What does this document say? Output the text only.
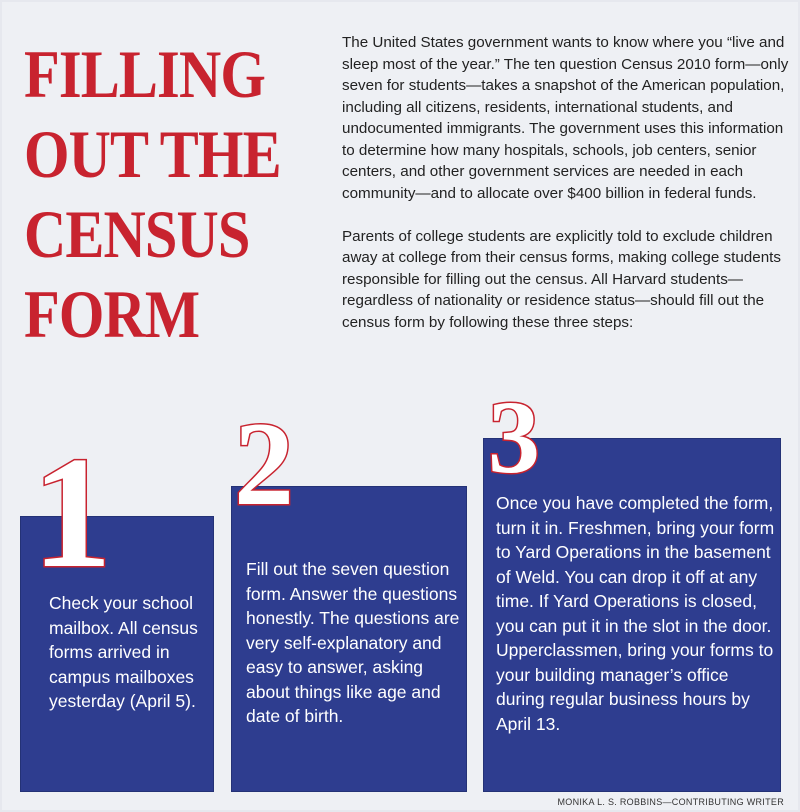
FILLING
OUT THE
CENSUS
FORM

The United States government wants to know where you “live and sleep most of the year.” The ten question Census 2010 form—only seven for students—takes a snapshot of the American population, including all citizens, residents, international students, and undocumented immigrants. The government uses this information to determine how many hospitals, schools, job centers, senior centers, and other government services are needed in each community—and to allocate over $400 billion in federal funds.

Parents of college students are explicitly told to exclude children away at college from their census forms, making college students responsible for filling out the census. All Harvard students—regardless of nationality or residence status—should fill out the census form by following these three steps:

Check your school mailbox. All census forms arrived in campus mailboxes yesterday (April 5).
Fill out the seven question form. Answer the questions honestly. The questions are very self-explanatory and easy to answer, asking about things like age and date of birth.
Once you have completed the form, turn it in. Freshmen, bring your form to Yard Operations in the basement of Weld. You can drop it off at any time. If Yard Operations is closed, you can put it in the slot in the door. Upperclassmen, bring your forms to your building manager’s office during regular business hours by April 13.
1 2 3
MONIKA L. S. ROBBINS—CONTRIBUTING WRITER
